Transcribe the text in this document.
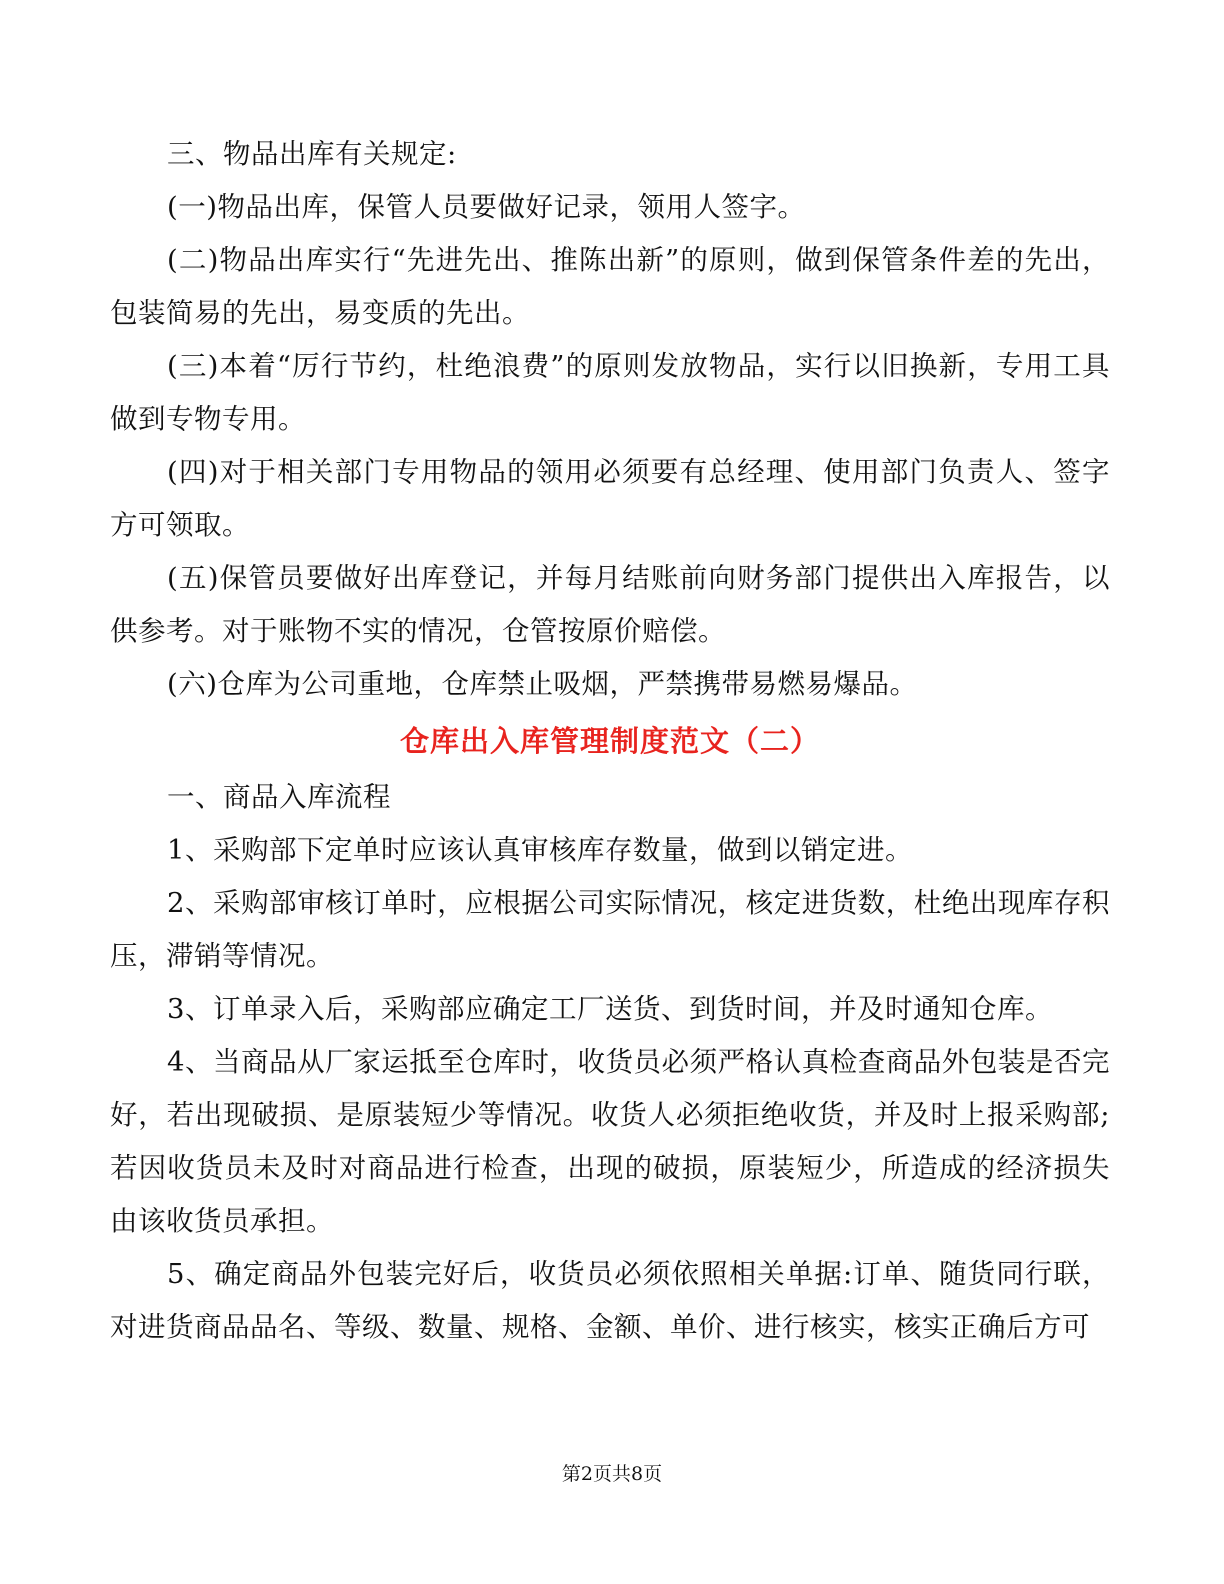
三、物品出库有关规定:

(一)物品出库，保管人员要做好记录，领用人签字。

(二)物品出库实行“先进先出、推陈出新”的原则，做到保管条件差的先出，包装简易的先出，易变质的先出。

(三)本着“厉行节约，杜绝浪费”的原则发放物品，实行以旧换新，专用工具做到专物专用。

(四)对于相关部门专用物品的领用必须要有总经理、使用部门负责人、签字方可领取。

(五)保管员要做好出库登记，并每月结账前向财务部门提供出入库报告，以供参考。对于账物不实的情况，仓管按原价赔偿。

(六)仓库为公司重地，仓库禁止吸烟，严禁携带易燃易爆品。

仓库出入库管理制度范文（二）

一、商品入库流程

1、采购部下定单时应该认真审核库存数量，做到以销定进。

2、采购部审核订单时，应根据公司实际情况，核定进货数，杜绝出现库存积压，滞销等情况。

3、订单录入后，采购部应确定工厂送货、到货时间，并及时通知仓库。

4、当商品从厂家运抵至仓库时，收货员必须严格认真检查商品外包装是否完好，若出现破损、是原装短少等情况。收货人必须拒绝收货，并及时上报采购部;若因收货员未及时对商品进行检查，出现的破损，原装短少，所造成的经济损失由该收货员承担。

5、确定商品外包装完好后，收货员必须依照相关单据:订单、随货同行联，对进货商品品名、等级、数量、规格、金额、单价、进行核实，核实正确后方可

第2页共8页
